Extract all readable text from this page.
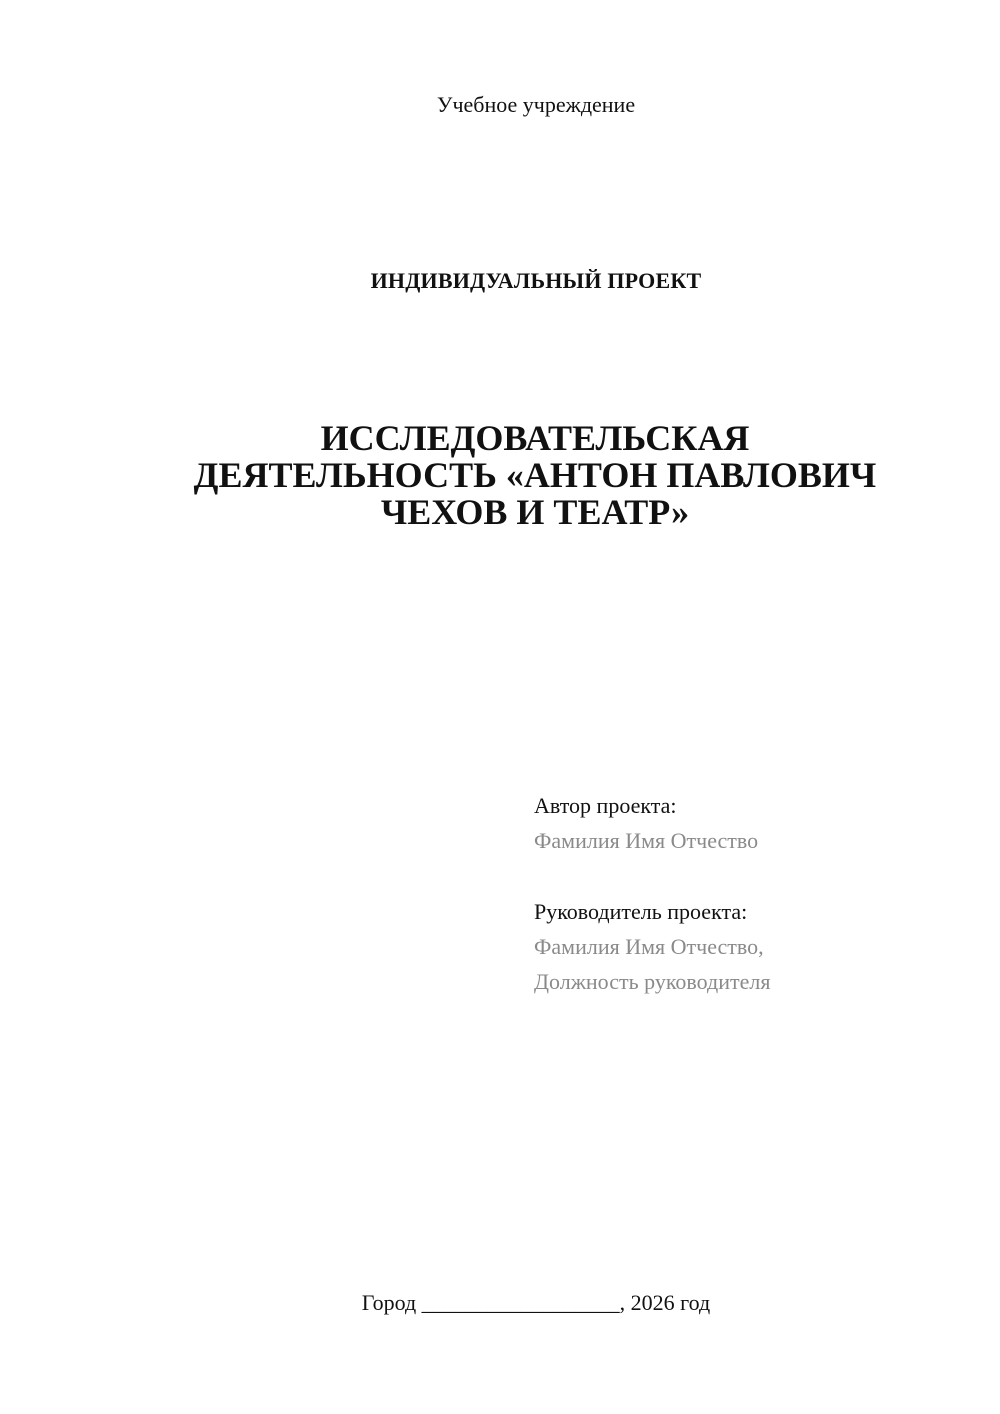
Учебное учреждение
ИНДИВИДУАЛЬНЫЙ ПРОЕКТ
ИССЛЕДОВАТЕЛЬСКАЯ
ДЕЯТЕЛЬНОСТЬ «АНТОН ПАВЛОВИЧ
ЧЕХОВ И ТЕАТР»
Автор проекта:
Фамилия Имя Отчество
Руководитель проекта:
Фамилия Имя Отчество,
Должность руководителя
Город __________________, 2026 год
